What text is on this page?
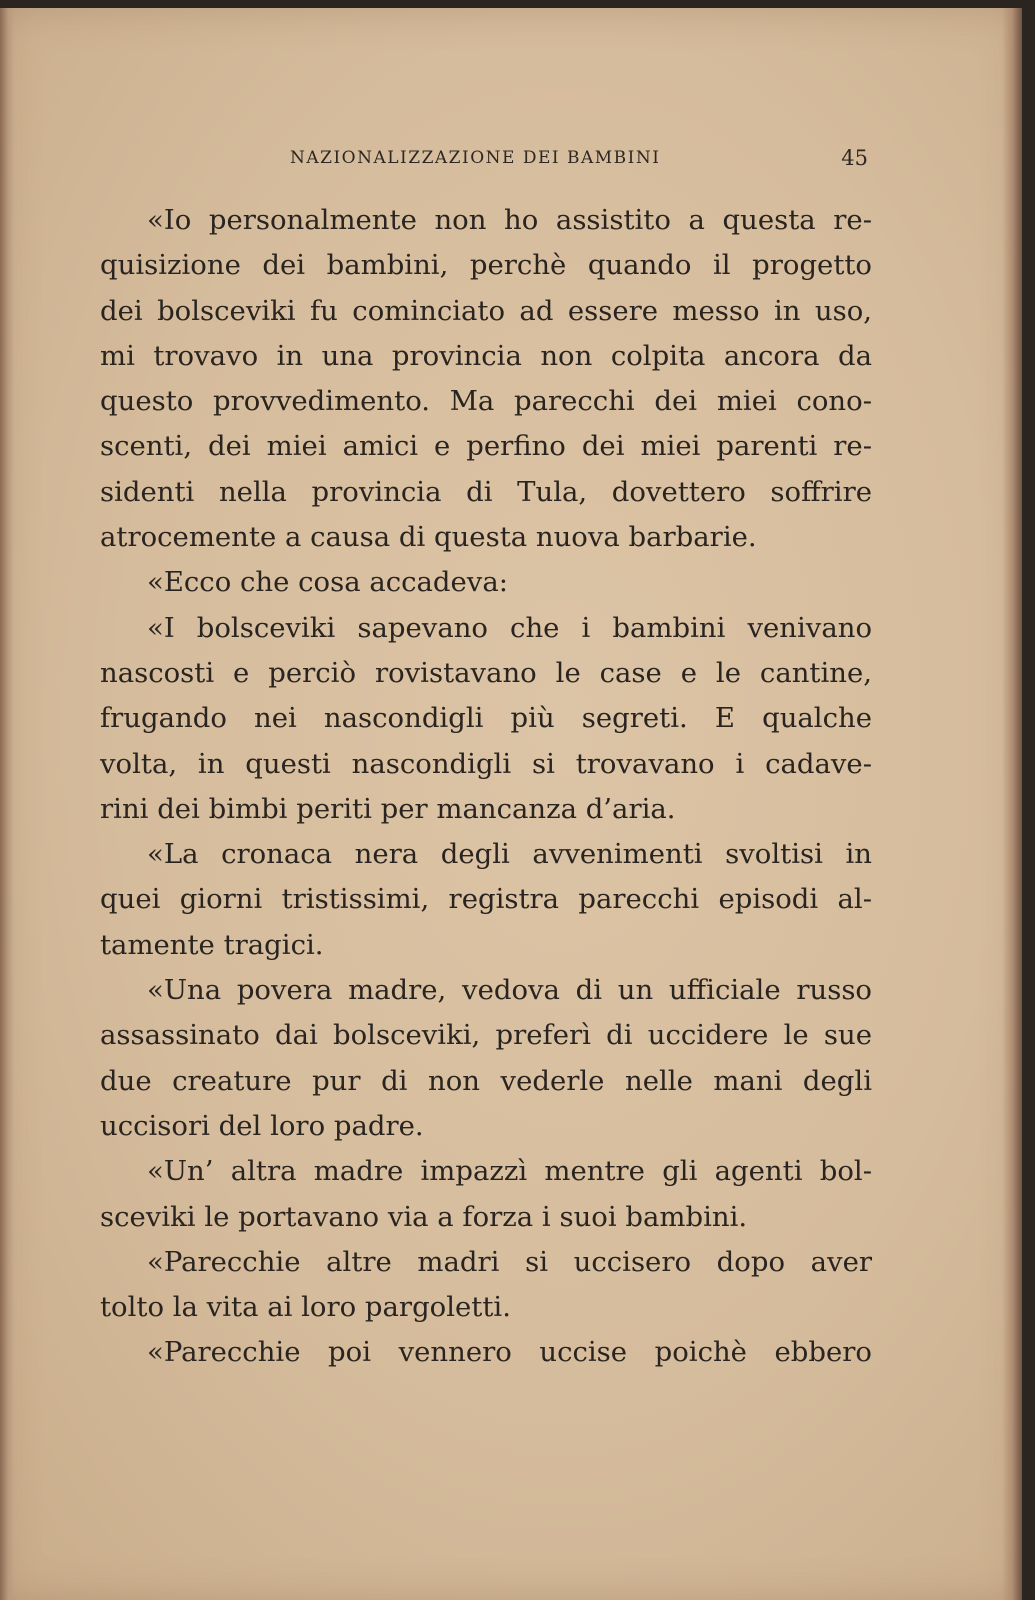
NAZIONALIZZAZIONE DEI BAMBINI	45
«Io personalmente non ho assistito a questa re-
quisizione dei bambini, perchè quando il progetto
dei bolsceviki fu cominciato ad essere messo in uso,
mi trovavo in una provincia non colpita ancora da
questo provvedimento. Ma parecchi dei miei cono-
scenti, dei miei amici e perfino dei miei parenti re-
sidenti nella provincia di Tula, dovettero soffrire
atrocemente a causa di questa nuova barbarie.
«Ecco che cosa accadeva:
«I bolsceviki sapevano che i bambini venivano
nascosti e perciò rovistavano le case e le cantine,
frugando nei nascondigli più segreti. E qualche
volta, in questi nascondigli si trovavano i cadave-
rini dei bimbi periti per mancanza d’aria.
«La cronaca nera degli avvenimenti svoltisi in
quei giorni tristissimi, registra parecchi episodi al-
tamente tragici.
«Una povera madre, vedova di un ufficiale russo
assassinato dai bolsceviki, preferì di uccidere le sue
due creature pur di non vederle nelle mani degli
uccisori del loro padre.
«Un’ altra madre impazzì mentre gli agenti bol-
sceviki le portavano via a forza i suoi bambini.
«Parecchie altre madri si uccisero dopo aver
tolto la vita ai loro pargoletti.
«Parecchie poi vennero uccise poichè ebbero
